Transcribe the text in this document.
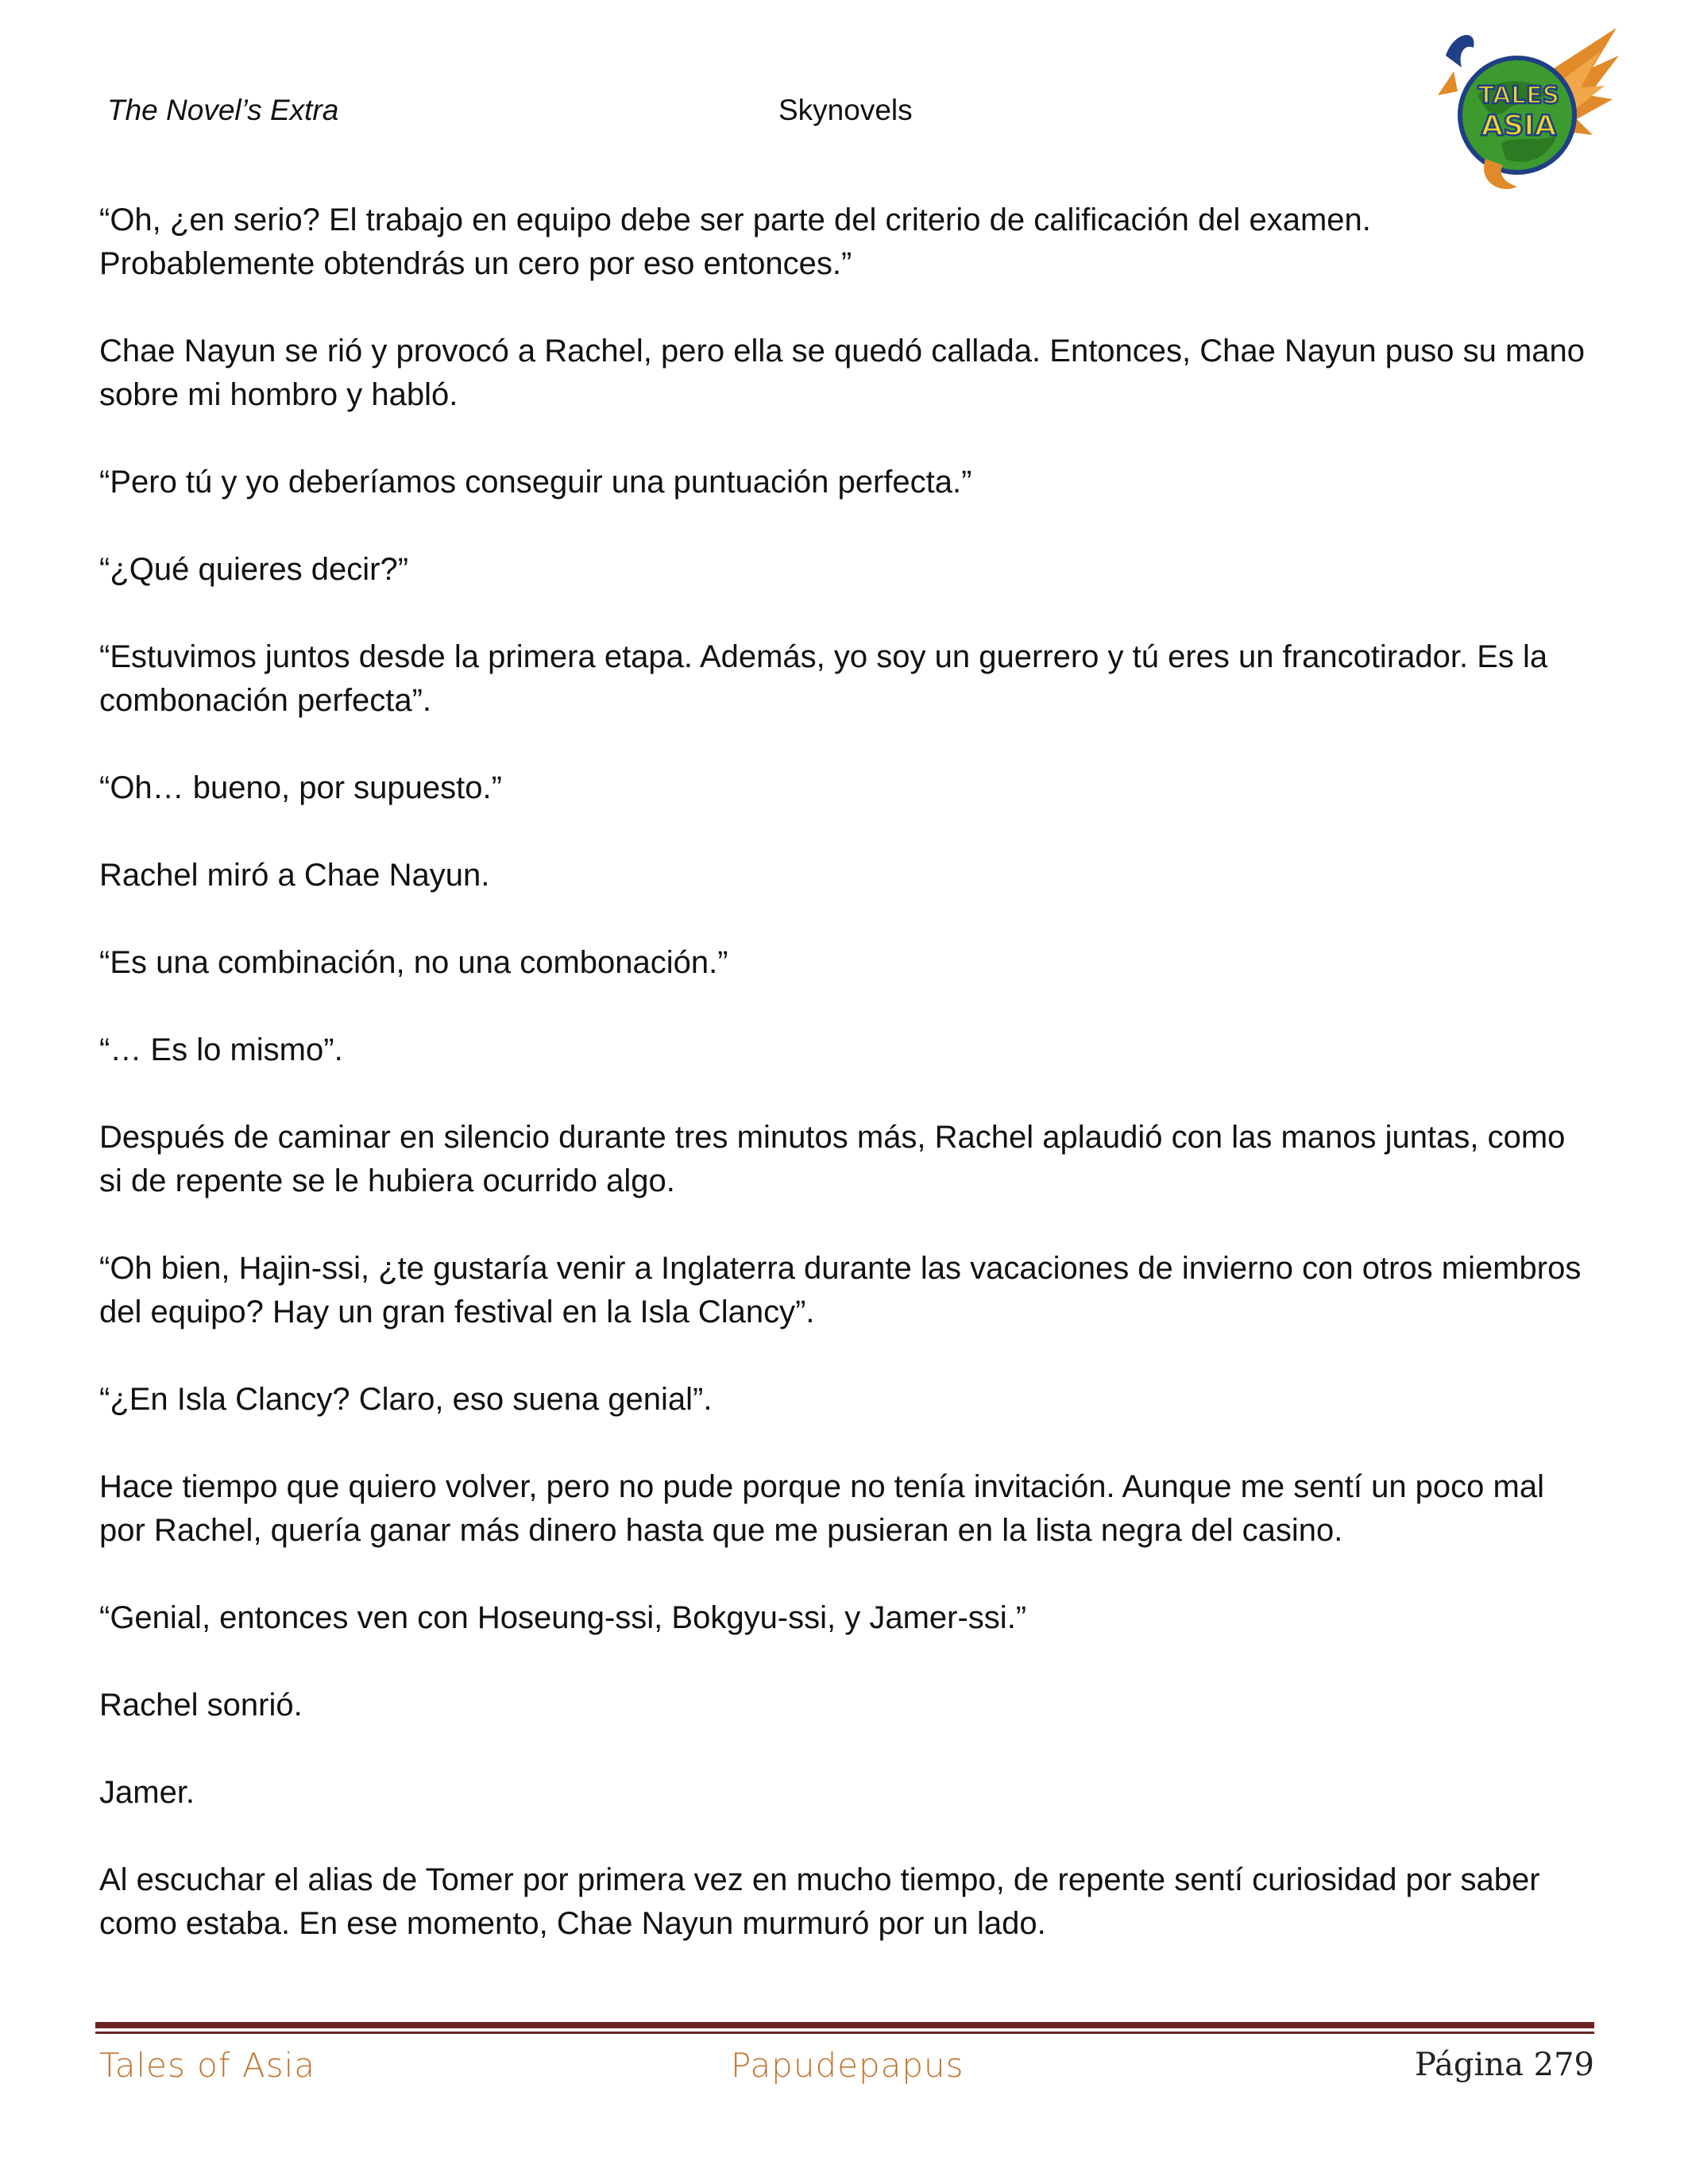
The Novel’s Extra	Skynovels	TALES
ASIA

“Oh, ¿en serio? El trabajo en equipo debe ser parte del criterio de calificación del examen. Probablemente obtendrás un cero por eso entonces.”

Chae Nayun se rió y provocó a Rachel, pero ella se quedó callada. Entonces, Chae Nayun puso su mano sobre mi hombro y habló.

“Pero tú y yo deberíamos conseguir una puntuación perfecta.”

“¿Qué quieres decir?”

“Estuvimos juntos desde la primera etapa. Además, yo soy un guerrero y tú eres un francotirador. Es la combonación perfecta”.

“Oh… bueno, por supuesto.”

Rachel miró a Chae Nayun.

“Es una combinación, no una combonación.”

“… Es lo mismo”.

Después de caminar en silencio durante tres minutos más, Rachel aplaudió con las manos juntas, como si de repente se le hubiera ocurrido algo.

“Oh bien, Hajin-ssi, ¿te gustaría venir a Inglaterra durante las vacaciones de invierno con otros miembros del equipo? Hay un gran festival en la Isla Clancy”.

“¿En Isla Clancy? Claro, eso suena genial”.

Hace tiempo que quiero volver, pero no pude porque no tenía invitación. Aunque me sentí un poco mal por Rachel, quería ganar más dinero hasta que me pusieran en la lista negra del casino.

“Genial, entonces ven con Hoseung-ssi, Bokgyu-ssi, y Jamer-ssi.”

Rachel sonrió.

Jamer.

Al escuchar el alias de Tomer por primera vez en mucho tiempo, de repente sentí curiosidad por saber como estaba. En ese momento, Chae Nayun murmuró por un lado.

Tales of Asia	Papudepapus	Página 279
